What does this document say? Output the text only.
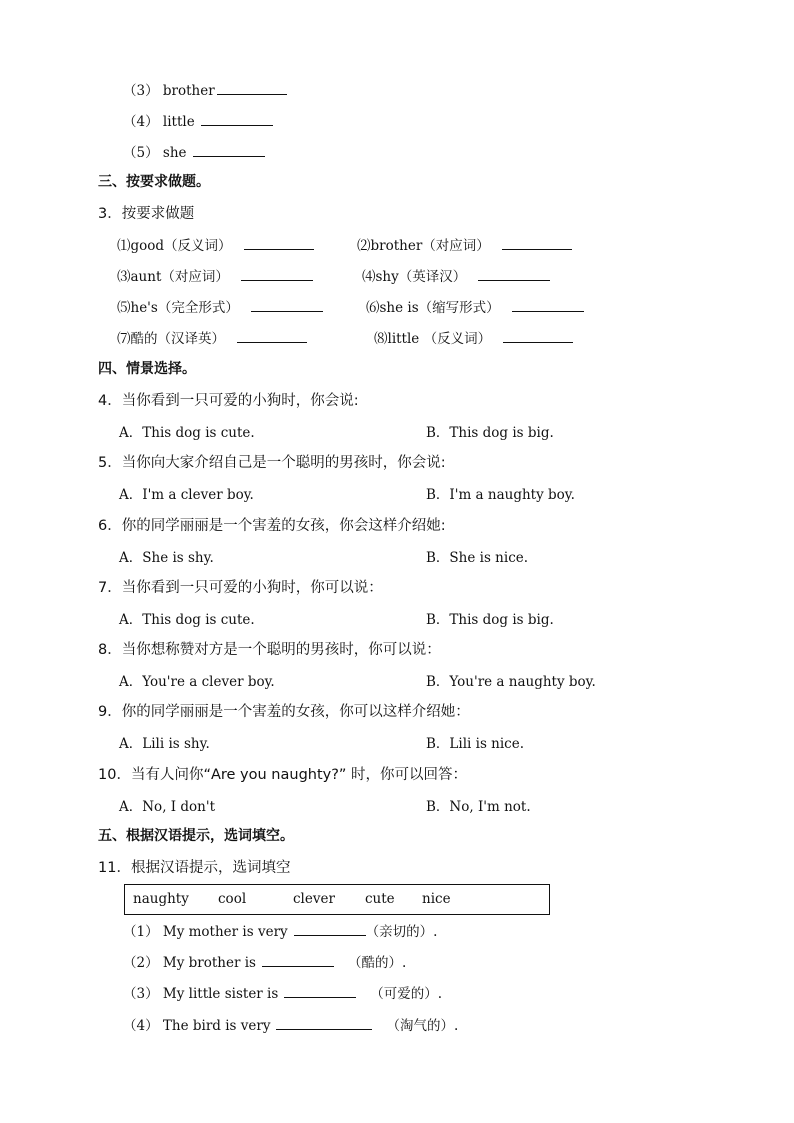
（3） brother
（4） little
（5） she
三、按要求做题。
3．按要求做题
⑴good（反义词）	⑵brother（对应词）
⑶aunt（对应词）	⑷shy（英译汉）
⑸he's（完全形式）	⑹she is（缩写形式）
⑺酷的（汉译英）	⑻little （反义词）
四、情景选择。
4．当你看到一只可爱的小狗时，你会说:
A．This dog is cute.	B．This dog is big.
5．当你向大家介绍自己是一个聪明的男孩时，你会说:
A．I'm a clever boy.	B．I'm a naughty boy.
6．你的同学丽丽是一个害羞的女孩，你会这样介绍她:
A．She is shy.	B．She is nice.
7．当你看到一只可爱的小狗时，你可以说：
A．This dog is cute.	B．This dog is big.
8．当你想称赞对方是一个聪明的男孩时，你可以说：
A．You're a clever boy.	B．You're a naughty boy.
9．你的同学丽丽是一个害羞的女孩，你可以这样介绍她：
A．Lili is shy.	B．Lili is nice.
10．当有人问你“Are you naughty?” 时，你可以回答：
A．No, I don't	B．No, I'm not.
五、根据汉语提示，选词填空。
11．根据汉语提示，选词填空
naughty cool	clever cute nice
（1） My mother is very	（亲切的）.
（2） My brother is	（酷的）.
（3） My little sister is	（可爱的）.
（4） The bird is very	（淘气的）.
